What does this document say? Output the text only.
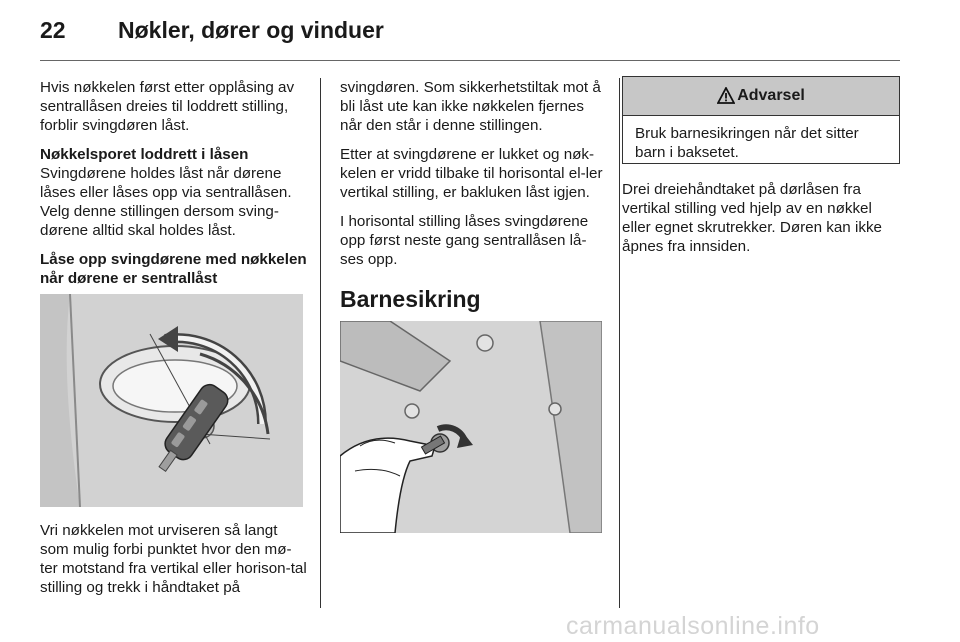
22 Nøkler, dører og vinduer

Hvis nøkkelen først etter opplåsing av sentrallåsen dreies til loddrett stilling, forblir svingdøren låst.

Nøkkelsporet loddrett i låsen

Svingdørene holdes låst når dørene låses eller låses opp via sentrallåsen. Velg denne stillingen dersom sving-dørene alltid skal holdes låst.

Låse opp svingdørene med nøkkelen når dørene er sentrallåst

Vri nøkkelen mot urviseren så langt som mulig forbi punktet hvor den mø-ter motstand fra vertikal eller horison-tal stilling og trekk i håndtaket på

svingdøren. Som sikkerhetstiltak mot å bli låst ute kan ikke nøkkelen fjernes når den står i denne stillingen.

Etter at svingdørene er lukket og nøk-kelen er vridd tilbake til horisontal el-ler vertikal stilling, er bakluken låst igjen.

I horisontal stilling låses svingdørene opp først neste gang sentrallåsen lå-ses opp.

Barnesikring
Advarsel
Bruk barnesikringen når det sitter barn i baksetet.

Drei dreiehåndtaket på dørlåsen fra vertikal stilling ved hjelp av en nøkkel eller egnet skrutrekker. Døren kan ikke åpnes fra innsiden.

carmanualsonline.info
